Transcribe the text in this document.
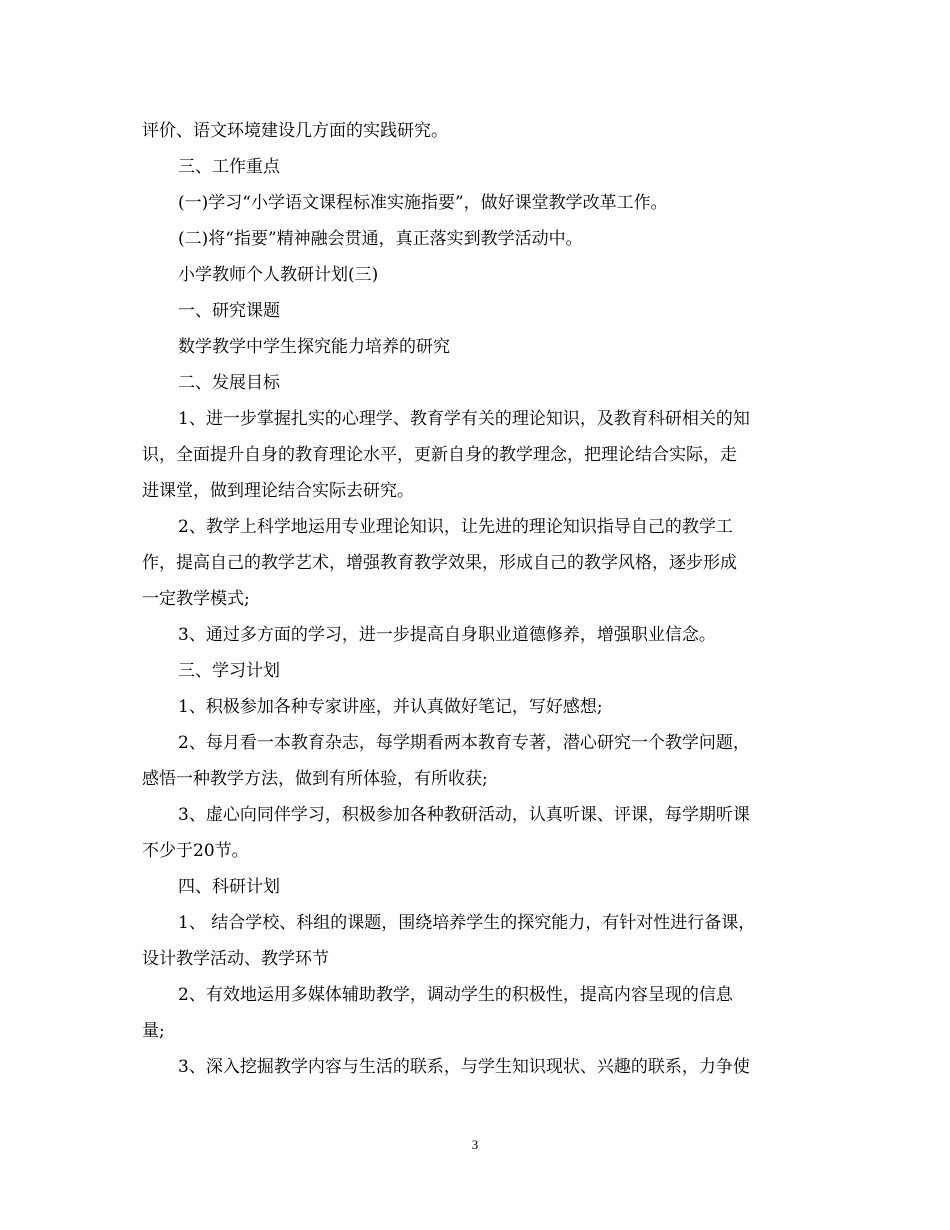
评价、语文环境建设几方面的实践研究。
三、工作重点
(一)学习“小学语文课程标准实施指要”，做好课堂教学改革工作。
(二)将“指要”精神融会贯通，真正落实到教学活动中。
小学教师个人教研计划(三)
一、研究课题
数学教学中学生探究能力培养的研究
二、发展目标
1、进一步掌握扎实的心理学、教育学有关的理论知识，及教育科研相关的知
识，全面提升自身的教育理论水平，更新自身的教学理念，把理论结合实际，走
进课堂，做到理论结合实际去研究。
2、教学上科学地运用专业理论知识，让先进的理论知识指导自己的教学工
作，提高自己的教学艺术，增强教育教学效果，形成自己的教学风格，逐步形成
一定教学模式;
3、通过多方面的学习，进一步提高自身职业道德修养，增强职业信念。
三、学习计划
1、积极参加各种专家讲座，并认真做好笔记，写好感想;
2、每月看一本教育杂志，每学期看两本教育专著，潜心研究一个教学问题，
感悟一种教学方法，做到有所体验，有所收获;
3、虚心向同伴学习，积极参加各种教研活动，认真听课、评课，每学期听课
不少于20节。
四、科研计划
1、 结合学校、科组的课题，围绕培养学生的探究能力，有针对性进行备课，
设计教学活动、教学环节
2、有效地运用多媒体辅助教学，调动学生的积极性，提高内容呈现的信息
量;
3、深入挖掘教学内容与生活的联系，与学生知识现状、兴趣的联系，力争使
3
